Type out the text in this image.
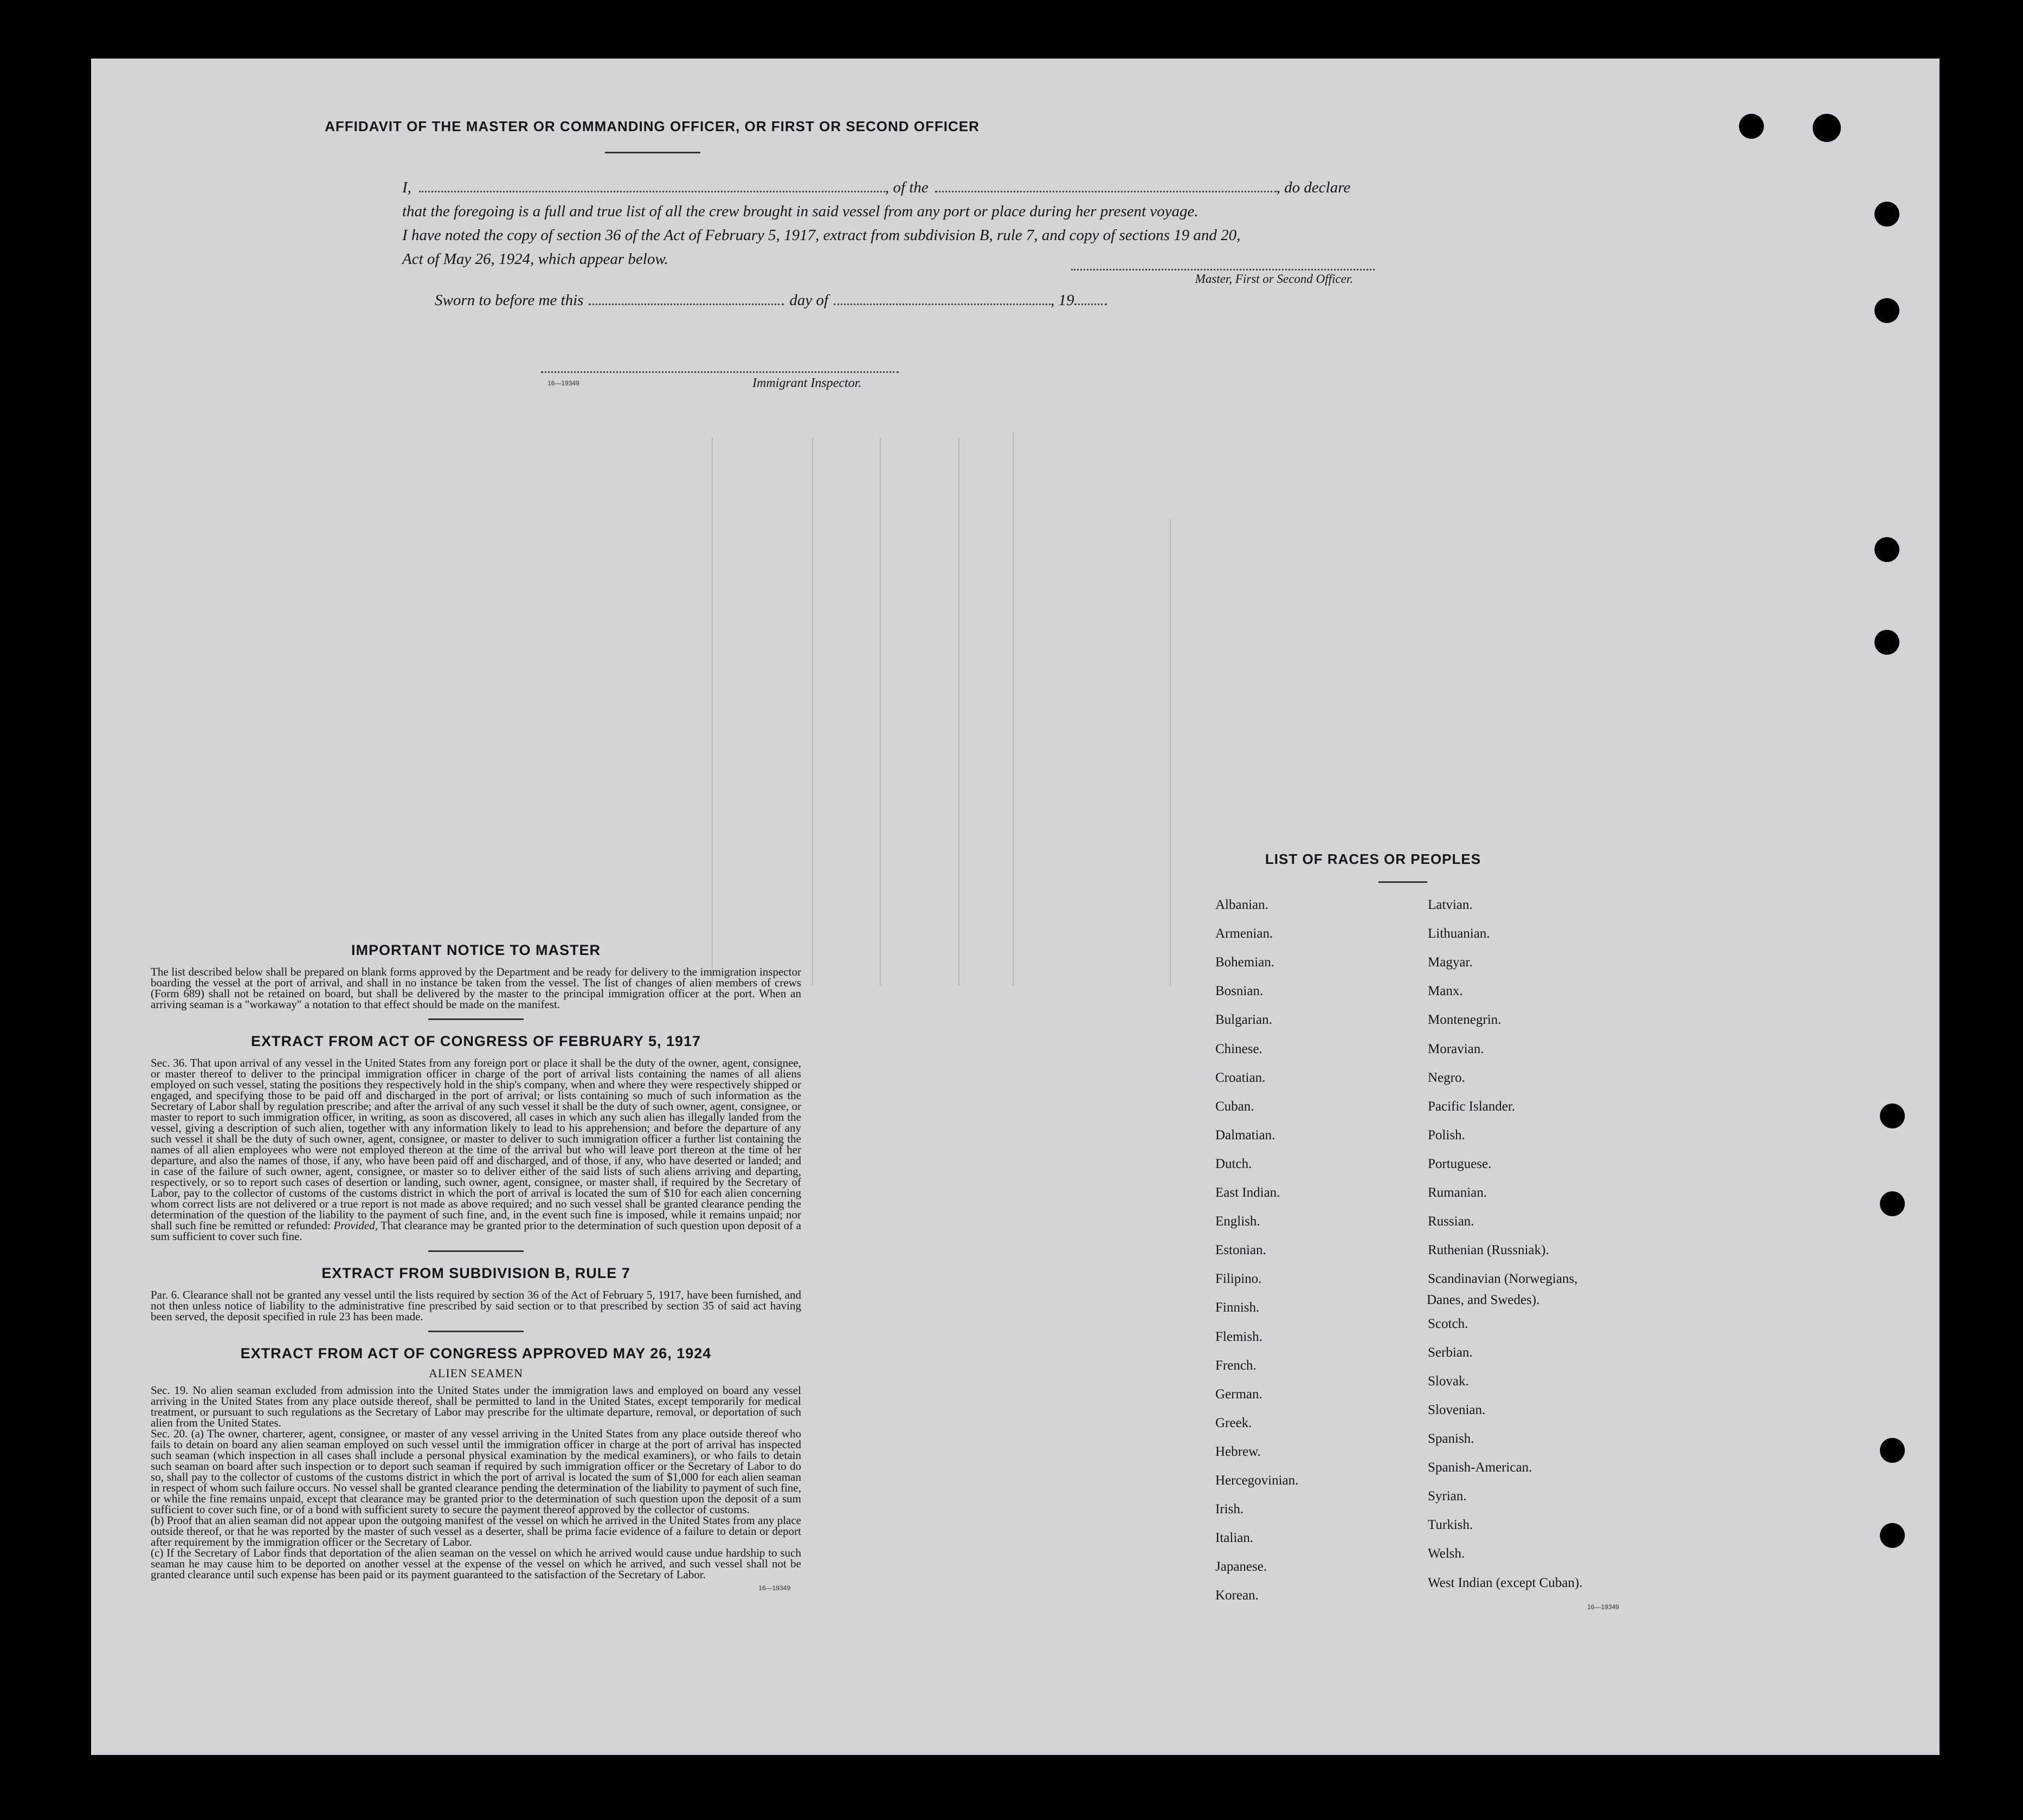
AFFIDAVIT OF THE MASTER OR COMMANDING OFFICER, OR FIRST OR SECOND OFFICER
I,	, of the	, do declare
that the foregoing is a full and true list of all the crew brought in said vessel from any port or place during her present voyage.
I have noted the copy of section 36 of the Act of February 5, 1917, extract from subdivision B, rule 7, and copy of sections 19 and 20,
Act of May 26, 1924, which appear below.
Master, First or Second Officer.
Sworn to before me this	day of	, 19
16—19349	Immigrant Inspector.
IMPORTANT NOTICE TO MASTER
The list described below shall be prepared on blank forms approved by the Department and be ready for delivery to the immigration inspector boarding the vessel at the port of arrival, and shall in no instance be taken from the vessel. The list of changes of alien members of crews (Form 689) shall not be retained on board, but shall be delivered by the master to the principal immigration officer at the port. When an arriving seaman is a "workaway" a notation to that effect should be made on the manifest.
EXTRACT FROM ACT OF CONGRESS OF FEBRUARY 5, 1917
Sec. 36. That upon arrival of any vessel in the United States from any foreign port or place it shall be the duty of the owner, agent, consignee, or master thereof to deliver to the principal immigration officer in charge of the port of arrival lists containing the names of all aliens employed on such vessel, stating the positions they respectively hold in the ship's company, when and where they were respectively shipped or engaged, and specifying those to be paid off and discharged in the port of arrival; or lists containing so much of such information as the Secretary of Labor shall by regulation prescribe; and after the arrival of any such vessel it shall be the duty of such owner, agent, consignee, or master to report to such immigration officer, in writing, as soon as discovered, all cases in which any such alien has illegally landed from the vessel, giving a description of such alien, together with any information likely to lead to his apprehension; and before the departure of any such vessel it shall be the duty of such owner, agent, consignee, or master to deliver to such immigration officer a further list containing the names of all alien employees who were not employed thereon at the time of the arrival but who will leave port thereon at the time of her departure, and also the names of those, if any, who have been paid off and discharged, and of those, if any, who have deserted or landed; and in case of the failure of such owner, agent, consignee, or master so to deliver either of the said lists of such aliens arriving and departing, respectively, or so to report such cases of desertion or landing, such owner, agent, consignee, or master shall, if required by the Secretary of Labor, pay to the collector of customs of the customs district in which the port of arrival is located the sum of $10 for each alien concerning whom correct lists are not delivered or a true report is not made as above required; and no such vessel shall be granted clearance pending the determination of the question of the liability to the payment of such fine, and, in the event such fine is imposed, while it remains unpaid; nor shall such fine be remitted or refunded: Provided, That clearance may be granted prior to the determination of such question upon deposit of a sum sufficient to cover such fine.
EXTRACT FROM SUBDIVISION B, RULE 7
Par. 6. Clearance shall not be granted any vessel until the lists required by section 36 of the Act of February 5, 1917, have been furnished, and not then unless notice of liability to the administrative fine prescribed by said section or to that prescribed by section 35 of said act having been served, the deposit specified in rule 23 has been made.
EXTRACT FROM ACT OF CONGRESS APPROVED MAY 26, 1924
ALIEN SEAMEN
Sec. 19. No alien seaman excluded from admission into the United States under the immigration laws and employed on board any vessel arriving in the United States from any place outside thereof, shall be permitted to land in the United States, except temporarily for medical treatment, or pursuant to such regulations as the Secretary of Labor may prescribe for the ultimate departure, removal, or deportation of such alien from the United States.
Sec. 20. (a) The owner, charterer, agent, consignee, or master of any vessel arriving in the United States from any place outside thereof who fails to detain on board any alien seaman employed on such vessel until the immigration officer in charge at the port of arrival has inspected such seaman (which inspection in all cases shall include a personal physical examination by the medical examiners), or who fails to detain such seaman on board after such inspection or to deport such seaman if required by such immigration officer or the Secretary of Labor to do so, shall pay to the collector of customs of the customs district in which the port of arrival is located the sum of $1,000 for each alien seaman in respect of whom such failure occurs. No vessel shall be granted clearance pending the determination of the liability to payment of such fine, or while the fine remains unpaid, except that clearance may be granted prior to the determination of such question upon the deposit of a sum sufficient to cover such fine, or of a bond with sufficient surety to secure the payment thereof approved by the collector of customs.
(b) Proof that an alien seaman did not appear upon the outgoing manifest of the vessel on which he arrived in the United States from any place outside thereof, or that he was reported by the master of such vessel as a deserter, shall be prima facie evidence of a failure to detain or deport after requirement by the immigration officer or the Secretary of Labor.
(c) If the Secretary of Labor finds that deportation of the alien seaman on the vessel on which he arrived would cause undue hardship to such seaman he may cause him to be deported on another vessel at the expense of the vessel on which he arrived, and such vessel shall not be granted clearance until such expense has been paid or its payment guaranteed to the satisfaction of the Secretary of Labor.
16—19349
LIST OF RACES OR PEOPLES
Danes, and Swedes).
16—19349
Albanian.
Armenian.
Bohemian.
Bosnian.
Bulgarian.
Chinese.
Croatian.
Cuban.
Dalmatian.
Dutch.
East Indian.
English.
Estonian.
Filipino.
Finnish.
Flemish.
French.
German.
Greek.
Hebrew.
Hercegovinian.
Irish.
Italian.
Japanese.
Korean.
Latvian.
Lithuanian.
Magyar.
Manx.
Montenegrin.
Moravian.
Negro.
Pacific Islander.
Polish.
Portuguese.
Rumanian.
Russian.
Ruthenian (Russniak).
Scandinavian (Norwegians,
Scotch.
Serbian.
Slovak.
Slovenian.
Spanish.
Spanish-American.
Syrian.
Turkish.
Welsh.
West Indian (except Cuban).
